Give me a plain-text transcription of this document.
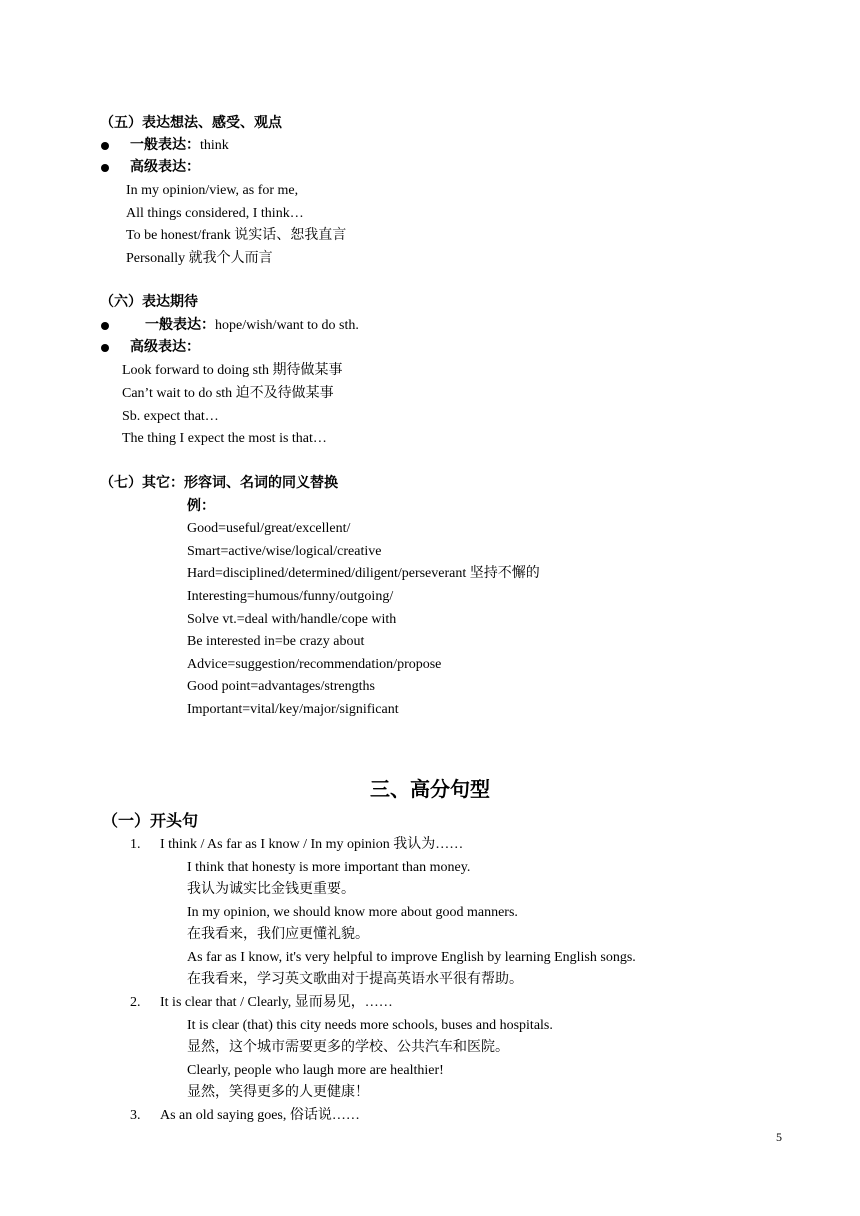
（五）表达想法、感受、观点
一般表达：think
高级表达：
In my opinion/view, as for me,
All things considered, I think…
To be honest/frank 说实话、恕我直言
Personally 就我个人而言
（六）表达期待
一般表达：hope/wish/want to do sth.
高级表达：
Look forward to doing sth 期待做某事
Can’t wait to do sth 迫不及待做某事
Sb. expect that…
The thing I expect the most is that…
（七）其它：形容词、名词的同义替换
例：
Good=useful/great/excellent/
Smart=active/wise/logical/creative
Hard=disciplined/determined/diligent/perseverant 坚持不懈的
Interesting=humous/funny/outgoing/
Solve vt.=deal with/handle/cope with
Be interested in=be crazy about
Advice=suggestion/recommendation/propose
Good point=advantages/strengths
Important=vital/key/major/significant
三、高分句型
（一）开头句
1. I think / As far as I know / In my opinion 我认为……
I think that honesty is more important than money.
我认为诚实比金钱更重要。
In my opinion, we should know more about good manners.
在我看来，我们应更懂礼貌。
As far as I know, it's very helpful to improve English by learning English songs.
在我看来，学习英文歌曲对于提高英语水平很有帮助。
2. It is clear that / Clearly, 显而易见，……
It is clear (that) this city needs more schools, buses and hospitals.
显然，这个城市需要更多的学校、公共汽车和医院。
Clearly, people who laugh more are healthier!
显然，笑得更多的人更健康！
3. As an old saying goes, 俗话说……
5
